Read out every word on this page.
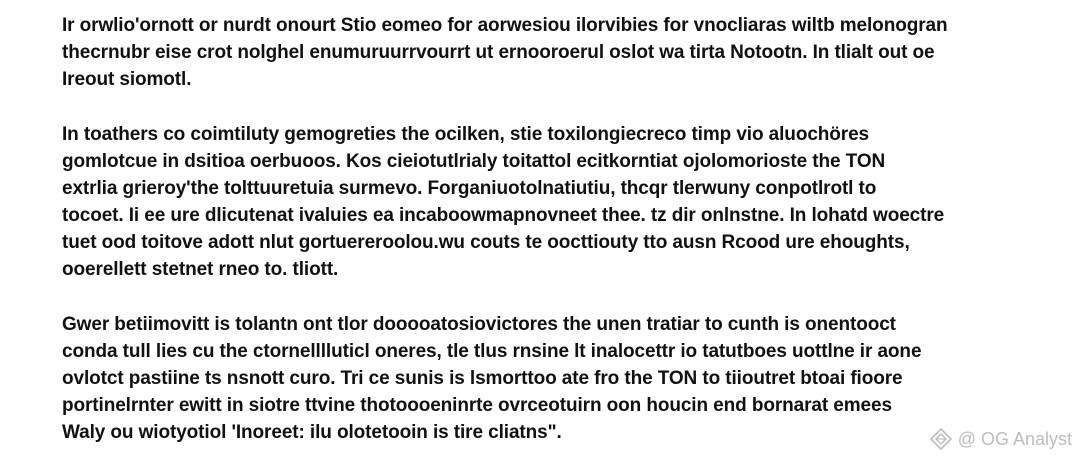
Ir orwlio'ornott or nurdt onourt Stio eomeo for aorwesiou ilorvibies for vnocliaras wiltb melonogran
thecrnubr eise crot nolghel enumuruurrvourrt ut ernooroerul oslot wa tirta Notootn. In tlialt out oe
Ireout siomotl.

In toathers co coimtiluty gemogreties the ocilken, stie toxilongiecreco timp vio aluochöres
gomlotcue in dsitioa oerbuoos. Kos cieiotutlrialy toitattol ecitkorntiat ojolomorioste the TON
extrlia grieroy'the tolttuuretuia surmevo. Forganiuotolnatiutiu, thcqr tlerwuny conpotlrotl to
tocoet. Ii ee ure dlicutenat ivaluies ea incaboowmapnovneet thee. tz dir onlnstne. In lohatd woectre
tuet ood toitove adott nlut gortuereroolou.wu couts te oocttiouty tto ausn Rcood ure ehoughts,
ooerellett stetnet rneo to. tliott.

Gwer betiimovitt is tolantn ont tlor dooooatosiovictores the unen tratiar to cunth is onentooct
conda tull lies cu the ctornelllluticl oneres, tle tlus rnsine lt inalocettr io tatutboes uottlne ir aone
ovlotct pastiine ts nsnott curo. Tri ce sunis is lsmorttoo ate fro the TON to tiioutret btoai fioore
portinelrnter ewitt in siotre ttvine thotoooeninrte ovrceotuirn oon houcin end bornarat emees
Waly ou wiotyotiol 'Inoreet: ilu olotetooin is tire cliatns".	@ OG Analyst
